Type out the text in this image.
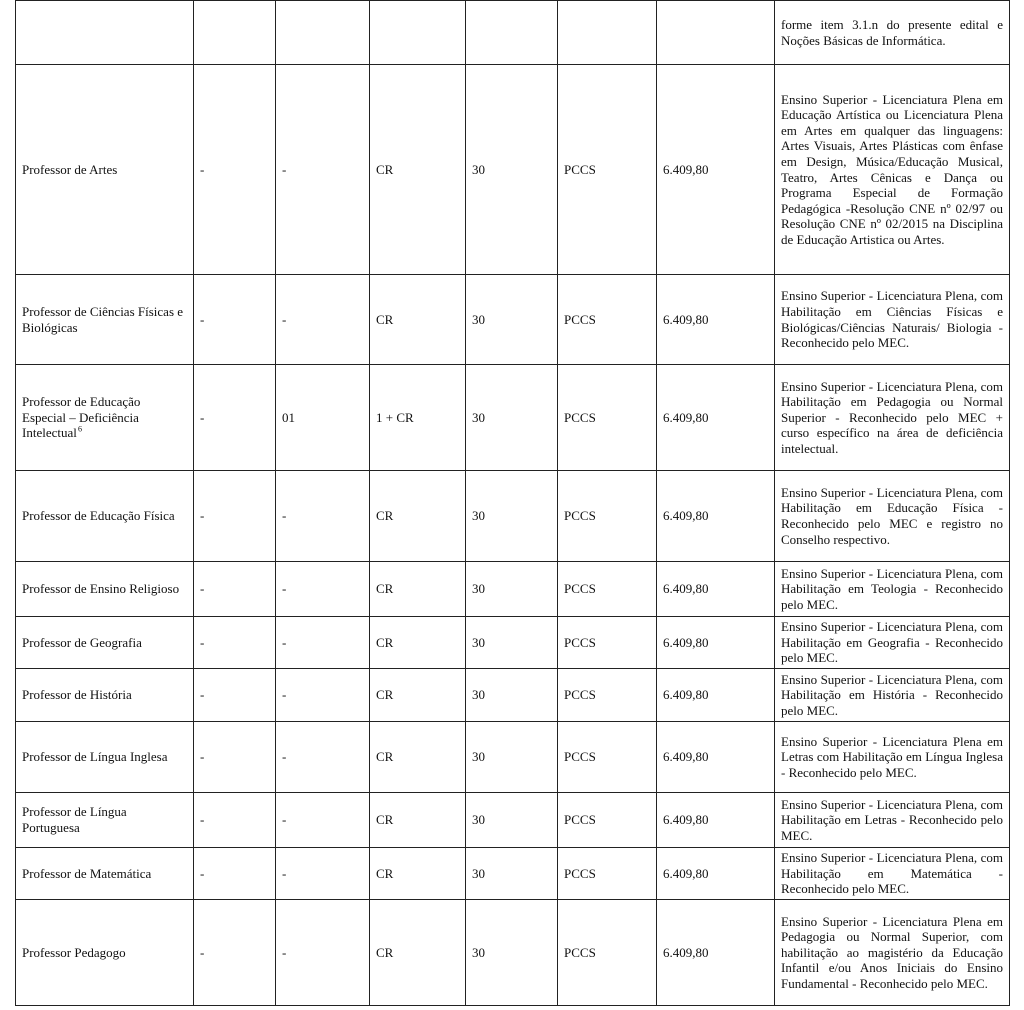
							forme item 3.1.n do presente edital e Noções Básicas de Informática.

Professor de Artes	-	-	CR	30	PCCS	6.409,80	Ensino Superior - Licenciatura Plena em Educação Artística ou Licenciatura Plena em Artes em qualquer das linguagens: Artes Visuais, Artes Plásticas com ênfase em Design, Música/Educação Musical, Teatro, Artes Cênicas e Dança ou Programa Especial de Formação Pedagógica -Resolução CNE nº 02/97 ou Resolução CNE nº 02/2015 na Disciplina de Educação Artistica ou Artes.

Professor de Ciências Físicas e Biológicas	-	-	CR	30	PCCS	6.409,80	Ensino Superior - Licenciatura Plena, com Habilitação em Ciências Físicas e Biológicas/Ciências Naturais/ Biologia - Reconhecido pelo MEC.

Professor de Educação Especial – Deficiência Intelectual $^6$	-	01	1 + CR	30	PCCS	6.409,80	Ensino Superior - Licenciatura Plena, com Habilitação em Pedagogia ou Normal Superior - Reconhecido pelo MEC + curso específico na área de deficiência intelectual.

Professor de Educação Física	-	-	CR	30	PCCS	6.409,80	Ensino Superior - Licenciatura Plena, com Habilitação em Educação Física - Reconhecido pelo MEC e registro no Conselho respectivo.

Professor de Ensino Religioso	-	-	CR	30	PCCS	6.409,80	Ensino Superior - Licenciatura Plena, com Habilitação em Teologia - Reconhecido pelo MEC.

Professor de Geografia	-	-	CR	30	PCCS	6.409,80	Ensino Superior - Licenciatura Plena, com Habilitação em Geografia - Reconhecido pelo MEC.

Professor de História	-	-	CR	30	PCCS	6.409,80	Ensino Superior - Licenciatura Plena, com Habilitação em História - Reconhecido pelo MEC.

Professor de Língua Inglesa	-	-	CR	30	PCCS	6.409,80	Ensino Superior - Licenciatura Plena em Letras com Habilitação em Língua Inglesa - Reconhecido pelo MEC.

Professor de Língua Portuguesa	-	-	CR	30	PCCS	6.409,80	Ensino Superior - Licenciatura Plena, com Habilitação em Letras - Reconhecido pelo MEC.

Professor de Matemática	-	-	CR	30	PCCS	6.409,80	Ensino Superior - Licenciatura Plena, com Habilitação em Matemática - Reconhecido pelo MEC.

Professor Pedagogo	-	-	CR	30	PCCS	6.409,80	Ensino Superior - Licenciatura Plena em Pedagogia ou Normal Superior, com habilitação ao magistério da Educação Infantil e/ou Anos Iniciais do Ensino Fundamental - Reconhecido pelo MEC.
